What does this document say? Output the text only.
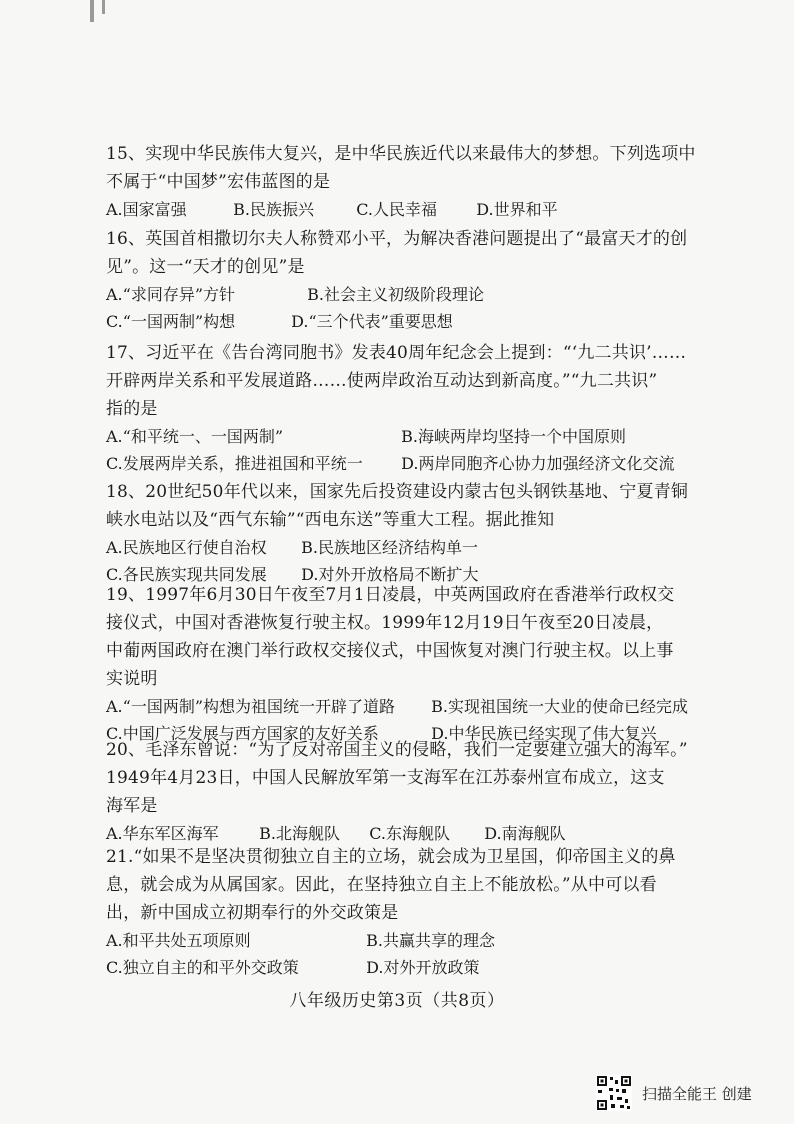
15、实现中华民族伟大复兴，是中华民族近代以来最伟大的梦想。下列选项中
不属于“中国梦”宏伟蓝图的是
A.国家富强	B.民族振兴	C.人民幸福 D.世界和平
16、英国首相撒切尔夫人称赞邓小平，为解决香港问题提出了“最富天才的创
见”。这一“天才的创见”是
A.“求同存异”方针	B.社会主义初级阶段理论
C.“一国两制”构想	D.“三个代表”重要思想
17、习近平在《告台湾同胞书》发表40周年纪念会上提到：“‘九二共识’……
开辟两岸关系和平发展道路……使两岸政治互动达到新高度。”“九二共识”
指的是
A.“和平统一、一国两制”	B.海峡两岸均坚持一个中国原则
C.发展两岸关系，推进祖国和平统一 D.两岸同胞齐心协力加强经济文化交流
18、20世纪50年代以来，国家先后投资建设内蒙古包头钢铁基地、宁夏青铜
峡水电站以及“西气东输”“西电东送”等重大工程。据此推知
A.民族地区行使自治权 B.民族地区经济结构单一
C.各民族实现共同发展 D.对外开放格局不断扩大
19、1997年6月30日午夜至7月1日凌晨，中英两国政府在香港举行政权交
接仪式，中国对香港恢复行驶主权。1999年12月19日午夜至20日凌晨，
中葡两国政府在澳门举行政权交接仪式，中国恢复对澳门行驶主权。以上事
实说明
A.“一国两制”构想为祖国统一开辟了道路 B.实现祖国统一大业的使命已经完成
C.中国广泛发展与西方国家的友好关系	D.中华民族已经实现了伟大复兴
20、毛泽东曾说：“为了反对帝国主义的侵略，我们一定要建立强大的海军。”
1949年4月23日，中国人民解放军第一支海军在江苏泰州宣布成立，这支
海军是
A.华东军区海军	B.北海舰队 C.东海舰队 D.南海舰队
21.“如果不是坚决贯彻独立自主的立场，就会成为卫星国，仰帝国主义的鼻
息，就会成为从属国家。因此，在坚持独立自主上不能放松。”从中可以看
出，新中国成立初期奉行的外交政策是
A.和平共处五项原则	B.共赢共享的理念
C.独立自主的和平外交政策	D.对外开放政策
八年级历史第3页（共8页）
扫描全能王 创建
